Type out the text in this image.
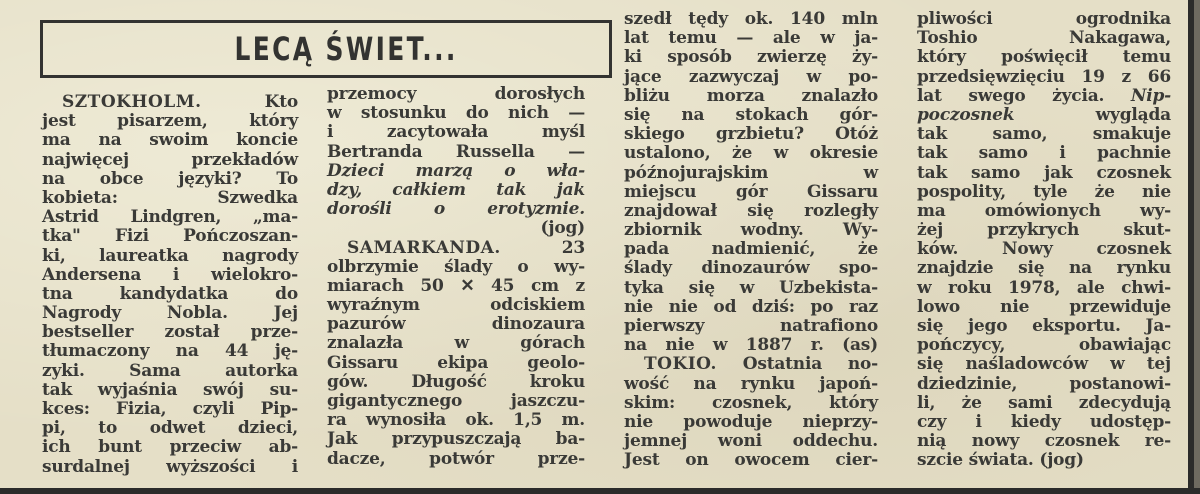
LECĄ ŚWIET...
SZTOKHOLM. Kto
jest pisarzem, który
ma na swoim koncie
najwięcej przekładów
na obce języki? To
kobieta: Szwedka
Astrid Lindgren, „ma-
tka" Fizi Pończoszan-
ki, laureatka nagrody
Andersena i wielokro-
tna kandydatka do
Nagrody Nobla. Jej
bestseller został prze-
tłumaczony na 44 ję-
zyki. Sama autorka
tak wyjaśnia swój su-
kces: Fizia, czyli Pip-
pi, to odwet dzieci,
ich bunt przeciw ab-
surdalnej wyższości i
przemocy dorosłych
w stosunku do nich —
i zacytowała myśl
Bertranda Russella —
Dzieci marzą o wła-
dzy, całkiem tak jak
dorośli o erotyzmie.
(jog)
SAMARKANDA. 23
olbrzymie ślady o wy-
miarach 50 ✕ 45 cm z
wyraźnym odciskiem
pazurów dinozaura
znalazła w górach
Gissaru ekipa geolo-
gów. Długość kroku
gigantycznego jaszczu-
ra wynosiła ok. 1,5 m.
Jak przypuszczają ba-
dacze, potwór prze-
szedł tędy ok. 140 mln
lat temu — ale w ja-
ki sposób zwierzę ży-
jące zazwyczaj w po-
bliżu morza znalazło
się na stokach gór-
skiego grzbietu? Otóż
ustalono, że w okresie
późnojurajskim w
miejscu gór Gissaru
znajdował się rozległy
zbiornik wodny. Wy-
pada nadmienić, że
ślady dinozaurów spo-
tyka się w Uzbekista-
nie nie od dziś: po raz
pierwszy natrafiono
na nie w 1887 r. (as)
TOKIO. Ostatnia no-
wość na rynku japoń-
skim: czosnek, który
nie powoduje nieprzy-
jemnej woni oddechu.
Jest on owocem cier-
pliwości ogrodnika
Toshio Nakagawa,
który poświęcił temu
przedsięwzięciu 19 z 66
lat swego życia. Nip-
poczosnek wygląda
tak samo, smakuje
tak samo i pachnie
tak samo jak czosnek
pospolity, tyle że nie
ma omówionych wy-
żej przykrych skut-
ków. Nowy czosnek
znajdzie się na rynku
w roku 1978, ale chwi-
lowo nie przewiduje
się jego eksportu. Ja-
pończycy, obawiając
się naśladowców w tej
dziedzinie, postanowi-
li, że sami zdecydują
czy i kiedy udostęp-
nią nowy czosnek re-
szcie świata. (jog)
